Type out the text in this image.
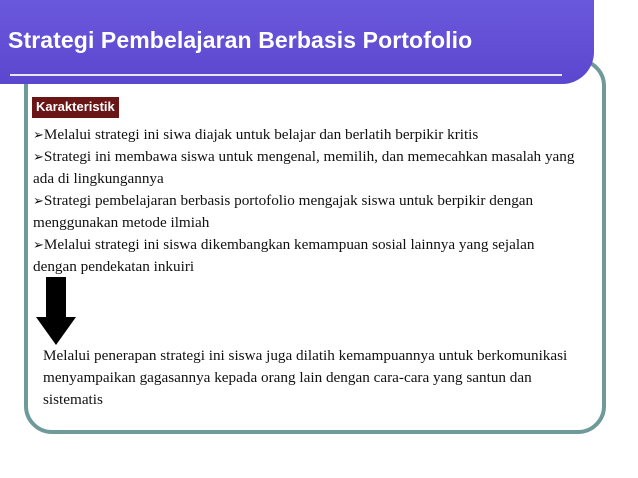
Strategi Pembelajaran Berbasis Portofolio
Karakteristik
➢Melalui strategi ini siwa diajak untuk belajar dan berlatih berpikir kritis
➢Strategi ini membawa siswa untuk mengenal, memilih, dan memecahkan masalah yang ada di lingkungannya
➢Strategi pembelajaran berbasis portofolio mengajak siswa untuk berpikir dengan menggunakan metode ilmiah
➢Melalui strategi ini siswa dikembangkan kemampuan sosial lainnya yang sejalan dengan pendekatan inkuiri

Melalui penerapan strategi ini siswa juga dilatih kemampuannya untuk berkomunikasi menyampaikan gagasannya kepada orang lain dengan cara-cara yang santun dan sistematis
